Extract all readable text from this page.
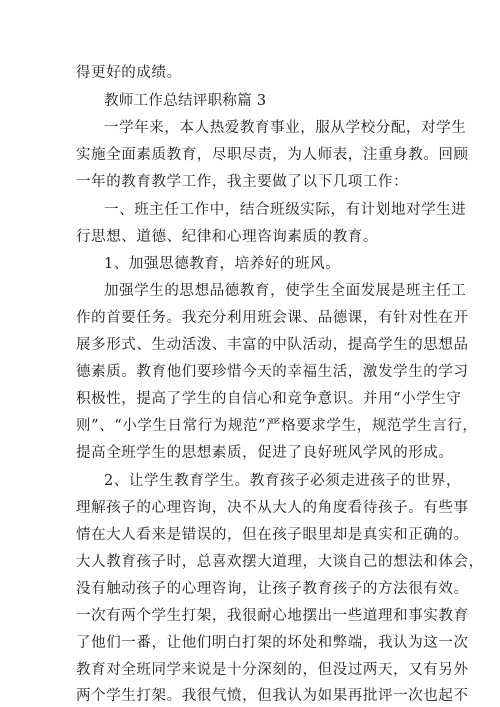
得更好的成绩。
教师工作总结评职称篇 3
一学年来，本人热爱教育事业，服从学校分配，对学生
实施全面素质教育，尽职尽责，为人师表，注重身教。回顾
一年的教育教学工作，我主要做了以下几项工作：
一、班主任工作中，结合班级实际，有计划地对学生进
行思想、道德、纪律和心理咨询素质的教育。
1、加强思德教育，培养好的班风。
加强学生的思想品德教育，使学生全面发展是班主任工
作的首要任务。我充分利用班会课、品德课，有针对性在开
展多形式、生动活泼、丰富的中队活动，提高学生的思想品
德素质。教育他们要珍惜今天的幸福生活，激发学生的学习
积极性，提高了学生的自信心和竞争意识。并用“小学生守
则”、“小学生日常行为规范”严格要求学生，规范学生言行，
提高全班学生的思想素质，促进了良好班风学风的形成。
2、让学生教育学生。教育孩子必须走进孩子的世界，
理解孩子的心理咨询，决不从大人的角度看待孩子。有些事
情在大人看来是错误的，但在孩子眼里却是真实和正确的。
大人教育孩子时，总喜欢摆大道理，大谈自己的想法和体会，
没有触动孩子的心理咨询，让孩子教育孩子的方法很有效。
一次有两个学生打架，我很耐心地摆出一些道理和事实教育
了他们一番，让他们明白打架的坏处和弊端，我认为这一次
教育对全班同学来说是十分深刻的，但没过两天，又有另外
两个学生打架。我很气愤，但我认为如果再批评一次也起不
